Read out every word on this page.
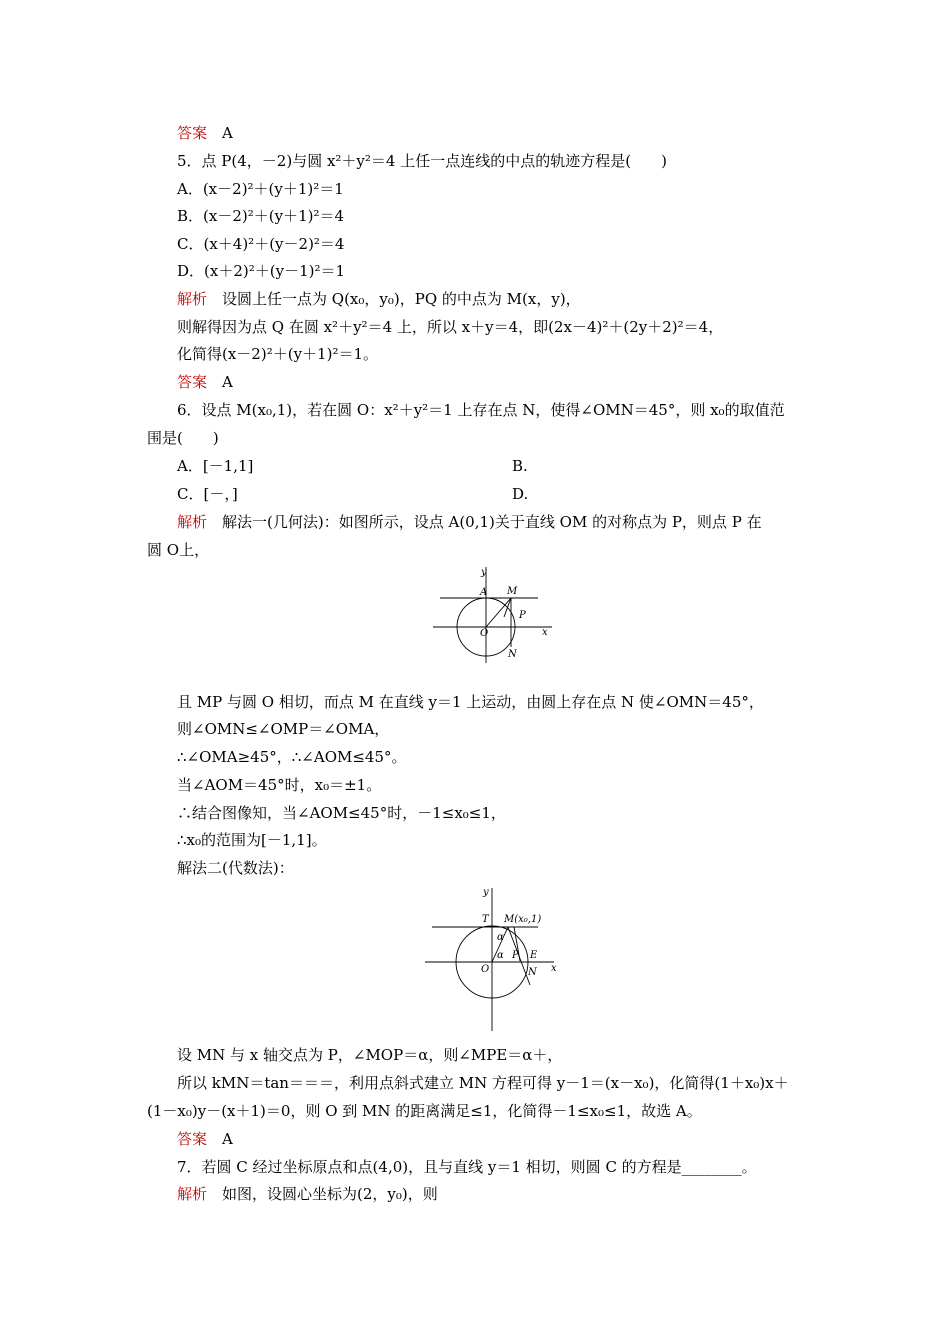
答案　A
5．点 P(4，－2)与圆 x²＋y²＝4 上任一点连线的中点的轨迹方程是(　　)
A．(x－2)²＋(y＋1)²＝1
B．(x－2)²＋(y＋1)²＝4
C．(x＋4)²＋(y－2)²＝4
D．(x＋2)²＋(y－1)²＝1
解析　设圆上任一点为 Q(x₀，y₀)，PQ 的中点为 M(x，y)，
则解得因为点 Q 在圆 x²＋y²＝4 上，所以 x＋y＝4，即(2x－4)²＋(2y＋2)²＝4，
化简得(x－2)²＋(y＋1)²＝1。
答案　A
6．设点 M(x₀,1)，若在圆 O：x²＋y²＝1 上存在点 N，使得∠OMN＝45°，则 x₀的取值范
围是(　　)
A．[－1,1]	B.
C．[－，]	D.
解析　解法一(几何法)：如图所示，设点 A(0,1)关于直线 OM 的对称点为 P，则点 P 在
圆 O上，
y
x
A M
P
O
N
且 MP 与圆 O 相切，而点 M 在直线 y＝1 上运动，由圆上存在点 N 使∠OMN＝45°，
则∠OMN≤∠OMP＝∠OMA，
∴∠OMA≥45°，∴∠AOM≤45°。
当∠AOM＝45°时，x₀＝±1。
∴结合图像知，当∠AOM≤45°时，－1≤x₀≤1，
∴x₀的范围为[－1,1]。
解法二(代数法)：
y
x
T M(x₀,1)
α
α P E
O	N
设 MN 与 x 轴交点为 P，∠MOP＝α，则∠MPE＝α＋，
所以 kMN＝tan＝＝＝，利用点斜式建立 MN 方程可得 y－1＝(x－x₀)，化简得(1＋x₀)x＋
(1－x₀)y－(x＋1)＝0，则 O 到 MN 的距离满足≤1，化简得－1≤x₀≤1，故选 A。
答案　A
7．若圆 C 经过坐标原点和点(4,0)，且与直线 y＝1 相切，则圆 C 的方程是________。
解析　如图，设圆心坐标为(2，y₀)，则
